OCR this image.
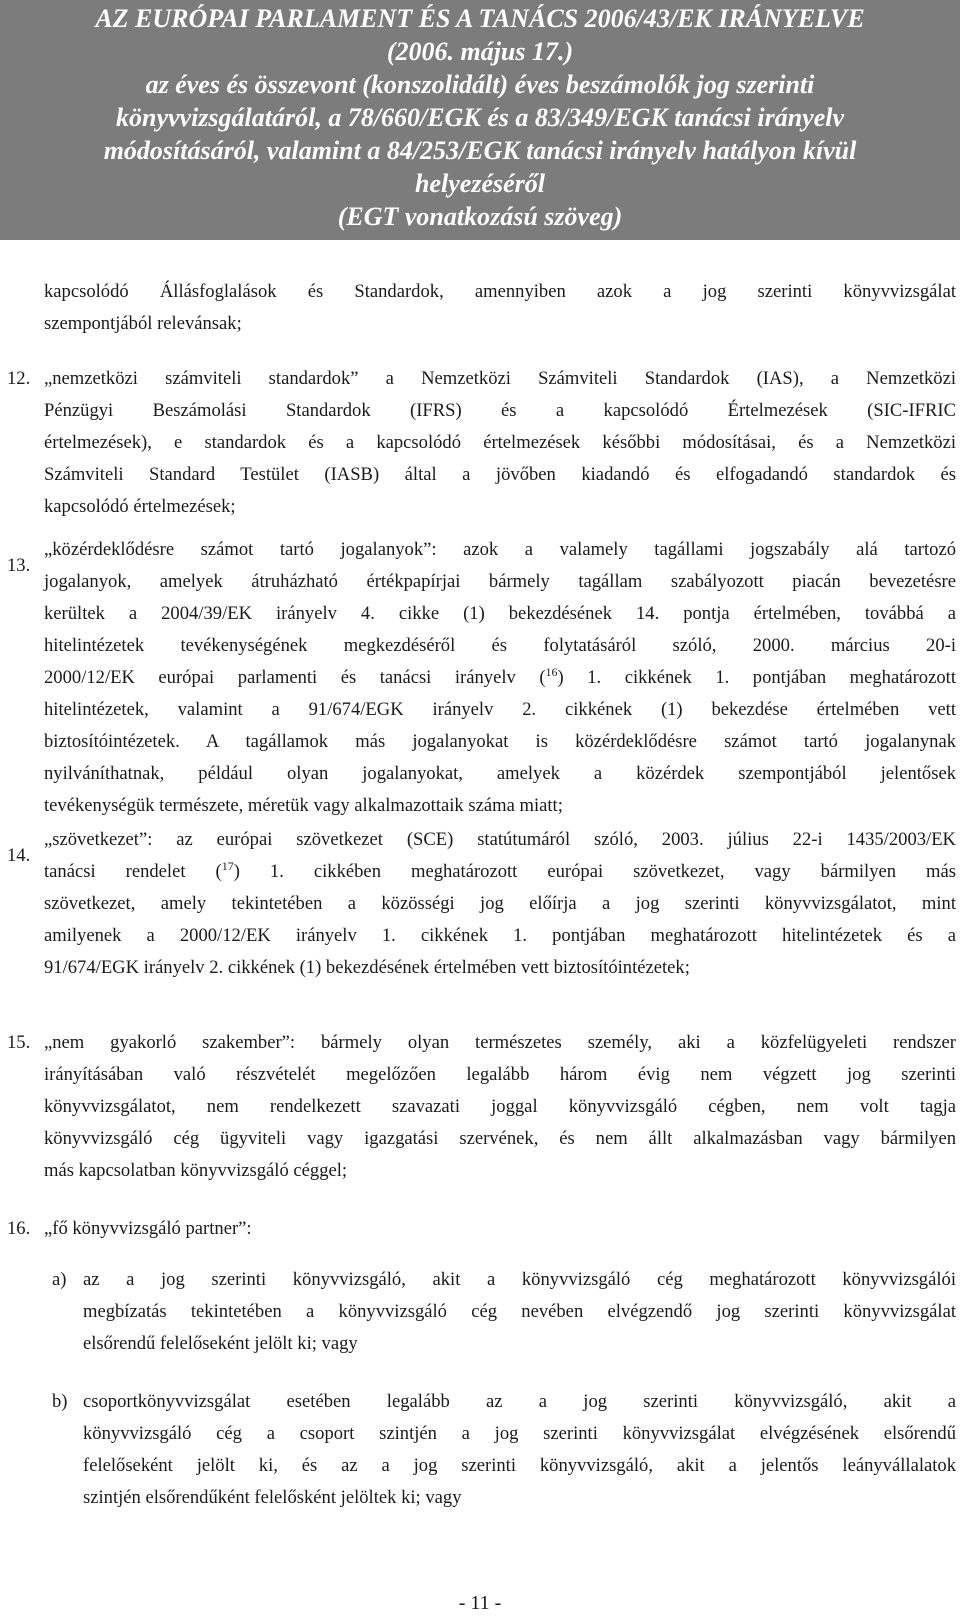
AZ EURÓPAI PARLAMENT ÉS A TANÁCS 2006/43/EK IRÁNYELVE
(2006. május 17.)
az éves és összevont (konszolidált) éves beszámolók jog szerinti
könyvvizsgálatáról, a 78/660/EGK és a 83/349/EGK tanácsi irányelv
módosításáról, valamint a 84/253/EGK tanácsi irányelv hatályon kívül
helyezéséről
(EGT vonatkozású szöveg)
kapcsolódó Állásfoglalások és Standardok, amennyiben azok a jog szerinti könyvvizsgálat
szempontjából relevánsak;
12. „nemzetközi számviteli standardok” a Nemzetközi Számviteli Standardok (IAS), a Nemzetközi
Pénzügyi Beszámolási Standardok (IFRS) és a kapcsolódó Értelmezések (SIC-IFRIC
értelmezések), e standardok és a kapcsolódó értelmezések későbbi módosításai, és a Nemzetközi
Számviteli Standard Testület (IASB) által a jövőben kiadandó és elfogadandó standardok és
kapcsolódó értelmezések;
13.
„közérdeklődésre számot tartó jogalanyok”: azok a valamely tagállami jogszabály alá tartozó
jogalanyok, amelyek átruházható értékpapírjai bármely tagállam szabályozott piacán bevezetésre
kerültek a 2004/39/EK irányelv 4. cikke (1) bekezdésének 14. pontja értelmében, továbbá a
hitelintézetek tevékenységének megkezdéséről és folytatásáról szóló, 2000. március 20-i
2000/12/EK európai parlamenti és tanácsi irányelv ($^{16}$) 1. cikkének 1. pontjában meghatározott
hitelintézetek, valamint a 91/674/EGK irányelv 2. cikkének (1) bekezdése értelmében vett
biztosítóintézetek. A tagállamok más jogalanyokat is közérdeklődésre számot tartó jogalanynak
nyilváníthatnak, például olyan jogalanyokat, amelyek a közérdek szempontjából jelentősek
tevékenységük természete, méretük vagy alkalmazottaik száma miatt;
14.
„szövetkezet”: az európai szövetkezet (SCE) statútumáról szóló, 2003. július 22-i 1435/2003/EK
tanácsi rendelet ($^{17}$) 1. cikkében meghatározott európai szövetkezet, vagy bármilyen más
szövetkezet, amely tekintetében a közösségi jog előírja a jog szerinti könyvvizsgálatot, mint
amilyenek a 2000/12/EK irányelv 1. cikkének 1. pontjában meghatározott hitelintézetek és a
91/674/EGK irányelv 2. cikkének (1) bekezdésének értelmében vett biztosítóintézetek;
15. „nem gyakorló szakember”: bármely olyan természetes személy, aki a közfelügyeleti rendszer
irányításában való részvételét megelőzően legalább három évig nem végzett jog szerinti
könyvvizsgálatot, nem rendelkezett szavazati joggal könyvvizsgáló cégben, nem volt tagja
könyvvizsgáló cég ügyviteli vagy igazgatási szervének, és nem állt alkalmazásban vagy bármilyen
más kapcsolatban könyvvizsgáló céggel;
16. „fő könyvvizsgáló partner”:
a) az a jog szerinti könyvvizsgáló, akit a könyvvizsgáló cég meghatározott könyvvizsgálói
megbízatás tekintetében a könyvvizsgáló cég nevében elvégzendő jog szerinti könyvvizsgálat
elsőrendű felelőseként jelölt ki; vagy
b) csoportkönyvvizsgálat esetében legalább az a jog szerinti könyvvizsgáló, akit a
könyvvizsgáló cég a csoport szintjén a jog szerinti könyvvizsgálat elvégzésének elsőrendű
felelőseként jelölt ki, és az a jog szerinti könyvvizsgáló, akit a jelentős leányvállalatok
szintjén elsőrendűként felelősként jelöltek ki; vagy
- 11 -
